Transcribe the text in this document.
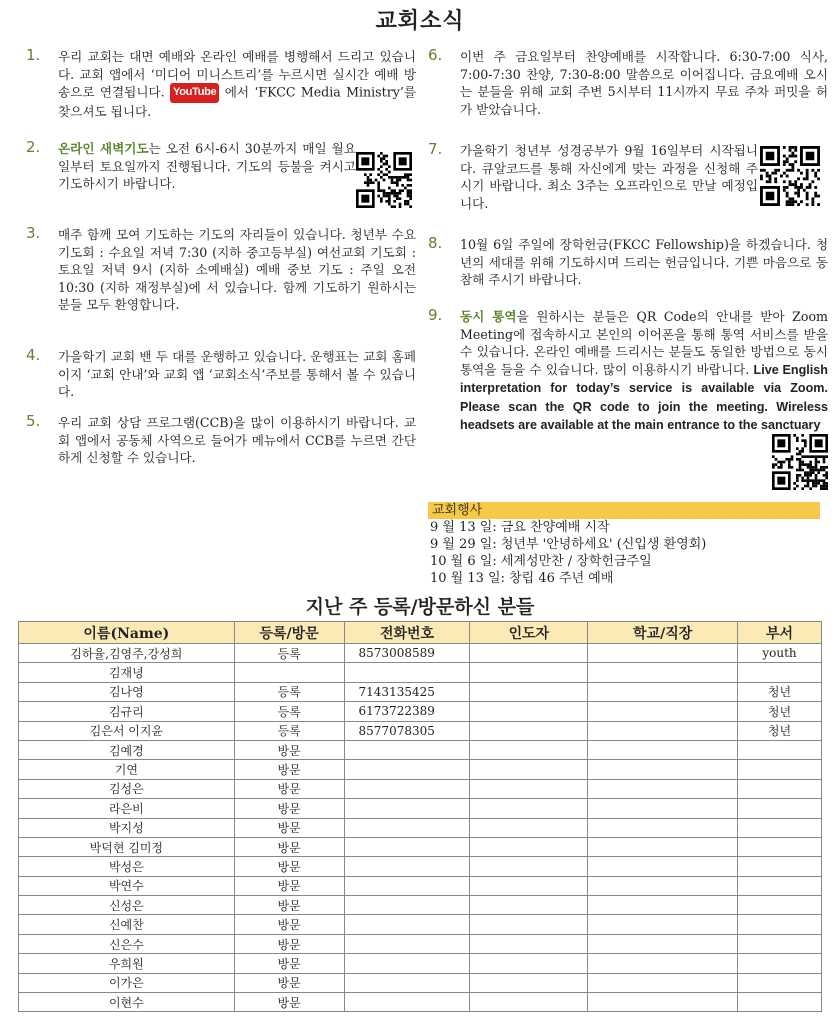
교회소식
1. 우리 교회는 대면 예배와 온라인 예배를 병행해서 드리고 있습니다. 교회 앱에서 ‘미디어 미니스트리’를 누르시면 실시간 예배 방송으로 연결됩니다. YouTube 에서 ‘FKCC Media Ministry’를 찾으셔도 됩니다.
2. 온라인 새벽기도는 오전 6시-6시 30분까지 매일 월요일부터 토요일까지 진행됩니다. 기도의 등불을 켜시고 기도하시기 바랍니다.
3. 매주 함께 모여 기도하는 기도의 자리들이 있습니다. 청년부 수요 기도회 : 수요일 저녁 7:30 (지하 중고등부실) 여선교회 기도회 : 토요일 저녁 9시 (지하 소예배실) 예배 중보 기도 : 주일 오전 10:30 (지하 재정부실)에 서 있습니다. 함께 기도하기 원하시는 분들 모두 환영합니다.
4. 가을학기 교회 밴 두 대를 운행하고 있습니다. 운행표는 교회 홈페이지 ‘교회 안내’와 교회 앱 ‘교회소식’주보를 통해서 볼 수 있습니다.
5. 우리 교회 상담 프로그램(CCB)을 많이 이용하시기 바랍니다. 교회 앱에서 공동체 사역으로 들어가 메뉴에서 CCB를 누르면 간단하게 신청할 수 있습니다.
6. 이번 주 금요일부터 찬양예배를 시작합니다. 6:30-7:00 식사, 7:00-7:30 찬양, 7:30-8:00 말씀으로 이어집니다. 금요예배 오시는 분들을 위해 교회 주변 5시부터 11시까지 무료 주차 퍼밋을 허가 받았습니다.
7. 가을학기 청년부 성경공부가 9월 16일부터 시작됩니다. 큐알코드를 통해 자신에게 맞는 과정을 신청해 주시기 바랍니다. 최소 3주는 오프라인으로 만날 예정입니다.
8. 10월 6일 주일에 장학헌금(FKCC Fellowship)을 하겠습니다. 청년의 세대를 위해 기도하시며 드리는 헌금입니다. 기쁜 마음으로 동참해 주시기 바랍니다.
9. 동시 통역을 원하시는 분들은 QR Code의 안내를 받아 Zoom Meeting에 접속하시고 본인의 이어폰을 통해 통역 서비스를 받을 수 있습니다. 온라인 예배를 드리시는 분들도 동일한 방법으로 동시 통역을 들을 수 있습니다. 많이 이용하시기 바랍니다. Live English interpretation for today’s service is available via Zoom. Please scan the QR code to join the meeting. Wireless headsets are available at the main entrance to the sanctuary
교회행사
9 월 13 일: 금요 찬양예배 시작
9 월 29 일: 청년부 '안녕하세요' (신입생 환영회)
10 월 6 일: 세계성만찬 / 장학헌금주일
10 월 13 일: 창립 46 주년 예배
지난 주 등록/방문하신 분들
이름(Name)	등록/방문	전화번호	인도자	학교/직장	부서
김하율,김영주,강성희	등록	8573008589			youth
김재녕					
김나영	등록	7143135425			청년
김규리	등록	6173722389			청년
김은서 이지윤	등록	8577078305			청년
김예경	방문				
기연	방문				
김성은	방문				
라은비	방문				
박지성	방문				
박덕현 김미정	방문				
박성은	방문				
박연수	방문				
신성은	방문				
신예찬	방문				
신은수	방문				
우희원	방문				
이가은	방문				
이현수	방문				
